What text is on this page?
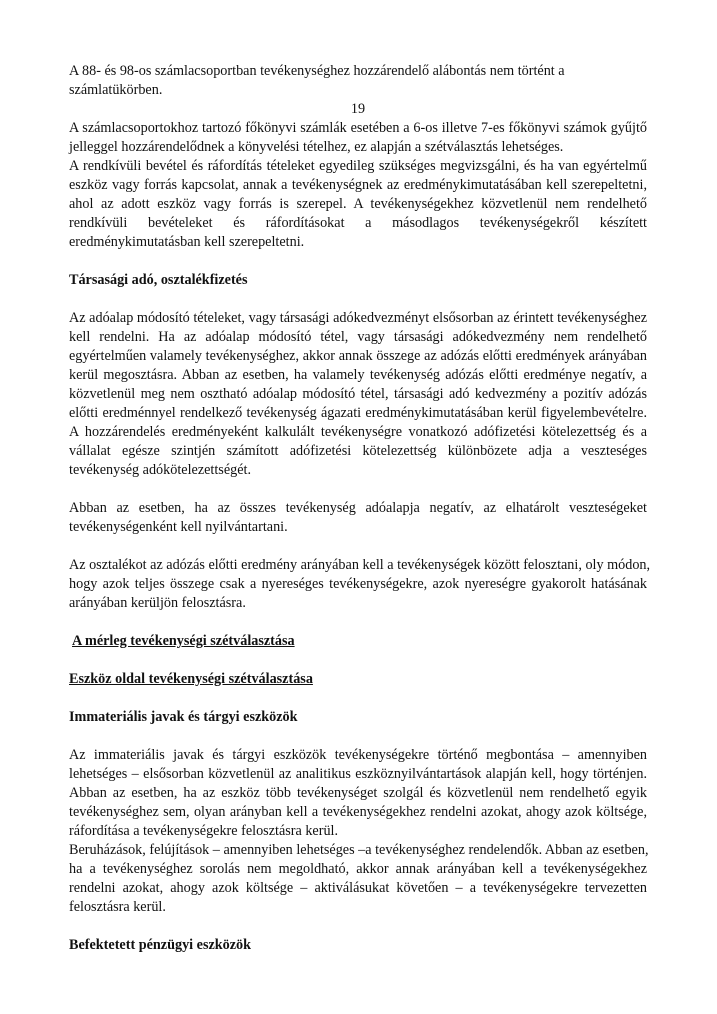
A 88- és 98-os számlacsoportban tevékenységhez hozzárendelő alábontás nem történt a
számlatükörben.
19
A számlacsoportokhoz tartozó főkönyvi számlák esetében a 6-os illetve 7-es főkönyvi számok gyűjtő
jelleggel hozzárendelődnek a könyvelési tételhez, ez alapján a szétválasztás lehetséges.
A rendkívüli bevétel és ráfordítás tételeket egyedileg szükséges megvizsgálni, és ha van egyértelmű
eszköz vagy forrás kapcsolat, annak a tevékenységnek az eredménykimutatásában kell szerepeltetni,
ahol az adott eszköz vagy forrás is szerepel. A tevékenységekhez közvetlenül nem rendelhető
rendkívüli bevételeket és ráfordításokat a másodlagos tevékenységekről készített
eredménykimutatásban kell szerepeltetni.
Társasági adó, osztalékfizetés
Az adóalap módosító tételeket, vagy társasági adókedvezményt elsősorban az érintett tevékenységhez
kell rendelni. Ha az adóalap módosító tétel, vagy társasági adókedvezmény nem rendelhető
egyértelműen valamely tevékenységhez, akkor annak összege az adózás előtti eredmények arányában
kerül megosztásra. Abban az esetben, ha valamely tevékenység adózás előtti eredménye negatív, a
közvetlenül meg nem osztható adóalap módosító tétel, társasági adó kedvezmény a pozitív adózás
előtti eredménnyel rendelkező tevékenység ágazati eredménykimutatásában kerül figyelembevételre.
A hozzárendelés eredményeként kalkulált tevékenységre vonatkozó adófizetési kötelezettség és a
vállalat egésze szintjén számított adófizetési kötelezettség különbözete adja a veszteséges
tevékenység adókötelezettségét.
Abban az esetben, ha az összes tevékenység adóalapja negatív, az elhatárolt veszteségeket
tevékenységenként kell nyilvántartani.
Az osztalékot az adózás előtti eredmény arányában kell a tevékenységek között felosztani, oly módon,
hogy azok teljes összege csak a nyereséges tevékenységekre, azok nyereségre gyakorolt hatásának
arányában kerüljön felosztásra.
A mérleg tevékenységi szétválasztása
Eszköz oldal tevékenységi szétválasztása
Immateriális javak és tárgyi eszközök
Az immateriális javak és tárgyi eszközök tevékenységekre történő megbontása – amennyiben
lehetséges – elsősorban közvetlenül az analitikus eszköznyilvántartások alapján kell, hogy történjen.
Abban az esetben, ha az eszköz több tevékenységet szolgál és közvetlenül nem rendelhető egyik
tevékenységhez sem, olyan arányban kell a tevékenységekhez rendelni azokat, ahogy azok költsége,
ráfordítása a tevékenységekre felosztásra kerül.
Beruházások, felújítások – amennyiben lehetséges –a tevékenységhez rendelendők. Abban az esetben,
ha a tevékenységhez sorolás nem megoldható, akkor annak arányában kell a tevékenységekhez
rendelni azokat, ahogy azok költsége – aktiválásukat követően – a tevékenységekre tervezetten
felosztásra kerül.
Befektetett pénzügyi eszközök
